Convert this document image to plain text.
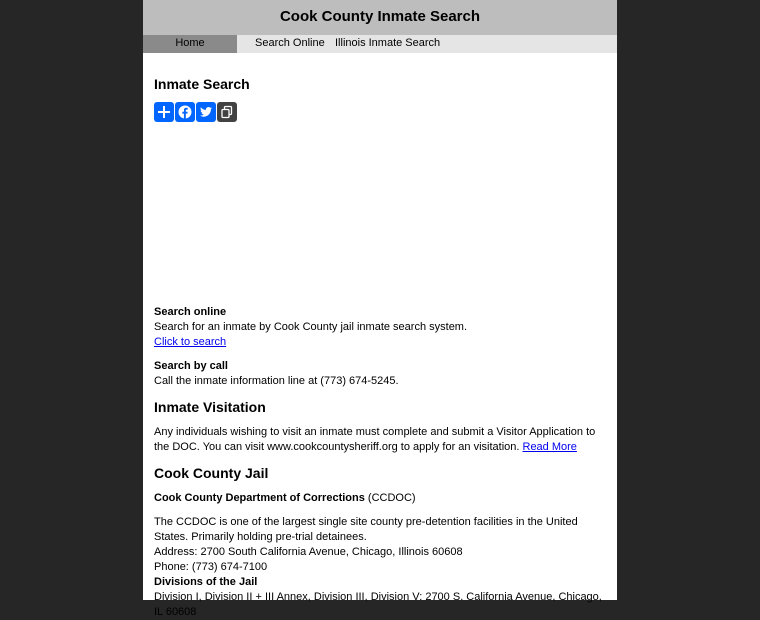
Cook County Inmate Search
Home	Search Online Illinois Inmate Search
Inmate Search

Search online

Search for an inmate by Cook County jail inmate search system.

Click to search

Search by call

Call the inmate information line at (773) 674-5245.

Inmate Visitation

Any individuals wishing to visit an inmate must complete and submit a Visitor Application to the DOC. You can visit www.cookcountysheriff.org to apply for an visitation. Read More

Cook County Jail

Cook County Department of Corrections (CCDOC)

The CCDOC is one of the largest single site county pre-detention facilities in the United States. Primarily holding pre-trial detainees.

Address: 2700 South California Avenue, Chicago, Illinois 60608

Phone: (773) 674-7100

Divisions of the Jail

Division I, Division II + III Annex, Division III, Division V: 2700 S. California Avenue, Chicago, IL 60608
